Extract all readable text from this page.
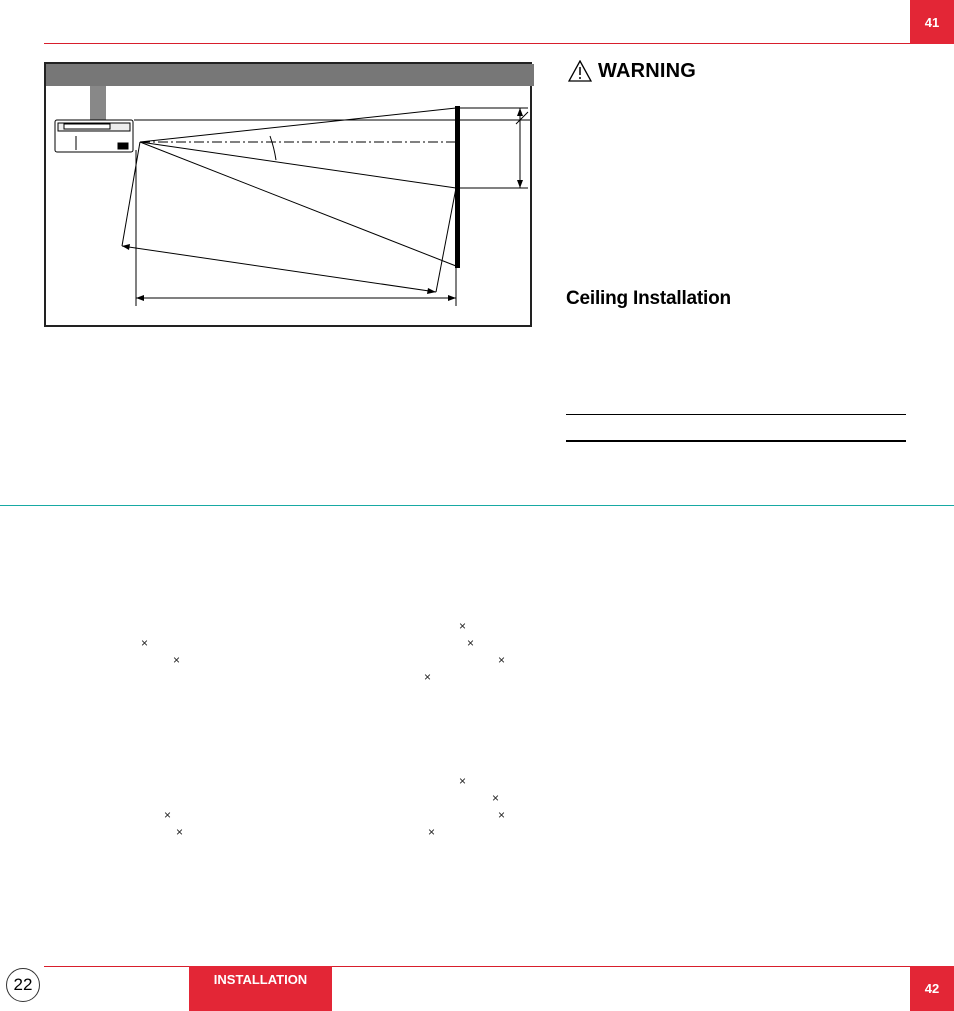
41
WARNING
Ceiling Installation
×
×	×
×	×
×
×
×
×	×
×	×
22	INSTALLATION
42
